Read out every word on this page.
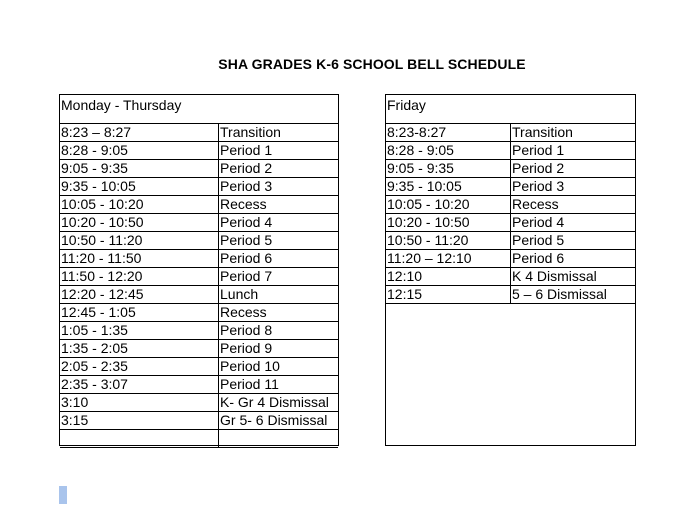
SHA GRADES K-6 SCHOOL BELL SCHEDULE
Monday - Thursday
8:23 – 8:27	Transition
8:28 - 9:05	Period 1
9:05 - 9:35	Period 2
9:35 - 10:05	Period 3
10:05 - 10:20	Recess
10:20 - 10:50	Period 4
10:50 - 11:20	Period 5
11:20 - 11:50	Period 6
11:50 - 12:20	Period 7
12:20 - 12:45	Lunch
12:45 - 1:05	Recess
1:05 - 1:35	Period 8
1:35 - 2:05	Period 9
2:05 - 2:35	Period 10
2:35 - 3:07	Period 11
3:10	K- Gr 4 Dismissal
3:15	Gr 5- 6 Dismissal
Friday
8:23-8:27	Transition
8:28 - 9:05	Period 1
9:05 - 9:35	Period 2
9:35 - 10:05	Period 3
10:05 - 10:20	Recess
10:20 - 10:50	Period 4
10:50 - 11:20	Period 5
11:20 – 12:10	Period 6
12:10	K 4 Dismissal
12:15	5 – 6 Dismissal
